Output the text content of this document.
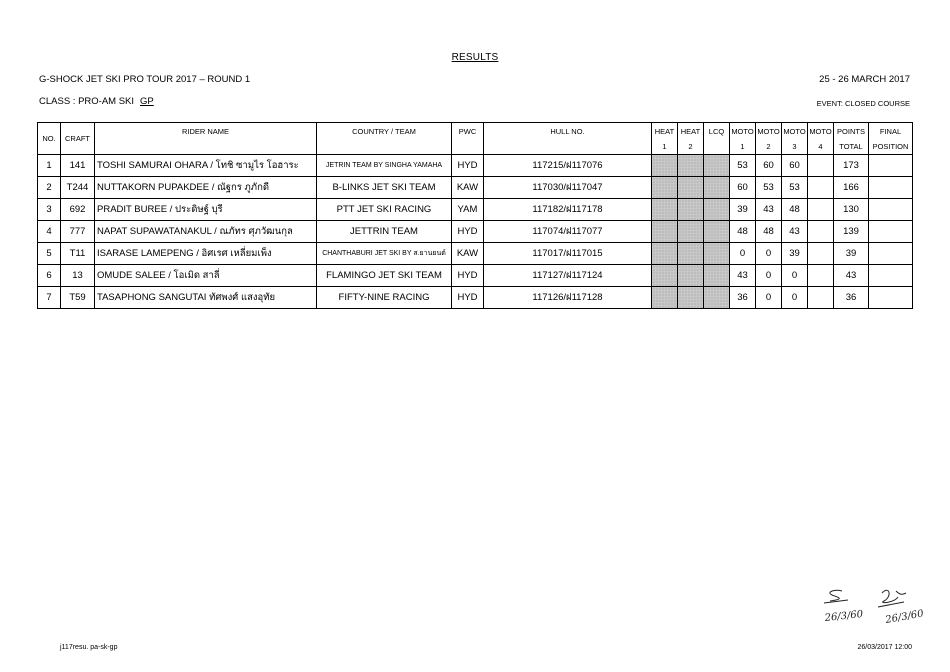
RESULTS
G-SHOCK JET SKI PRO TOUR 2017 – ROUND 1	25 - 26 MARCH 2017
CLASS : PRO-AM SKI GP	EVENT: CLOSED COURSE
NO.	CRAFT	RIDER NAME	COUNTRY / TEAM	PWC	HULL NO.	HEAT	HEAT	LCQ	MOTO	MOTO	MOTO	MOTO	POINTS	FINAL
						1	2		1	2	3	4	TOTAL	POSITION
1	141	TOSHI SAMURAI OHARA / โทชิ ซามูไร โอฮาระ	JETRIN TEAM BY SINGHA YAMAHA	HYD	117215/ฝ117076				53	60	60		173	
2	T244	NUTTAKORN PUPAKDEE / ณัฐกร ภูภักดี	B-LINKS JET SKI TEAM	KAW	117030/ฝ117047				60	53	53		166	
3	692	PRADIT BUREE / ประดิษฐ์ บุรี	PTT JET SKI RACING	YAM	117182/ฝ117178				39	43	48		130	
4	777	NAPAT SUPAWATANAKUL / ณภัทร ศุภวัฒนกุล	JETTRIN TEAM	HYD	117074/ฝ117077				48	48	43		139	
5	T11	ISARASE LAMEPENG / อิศเรศ เหลี่ยมเพ็ง	CHANTHABURI JET SKI BY ส.ยานยนต์	KAW	117017/ฝ117015				0	0	39		39	
6	13	OMUDE SALEE / โอเมิด สาลี่	FLAMINGO JET SKI TEAM	HYD	117127/ฝ117124				43	0	0		43	
7	T59	TASAPHONG SANGUTAI ทัศพงศ์ แสงอุทัย	FIFTY-NINE RACING	HYD	117126/ฝ117128				36	0	0		36	
26/3/60 26/3/60
j117resu. pa-sk-gp	26/03/2017 12:00
